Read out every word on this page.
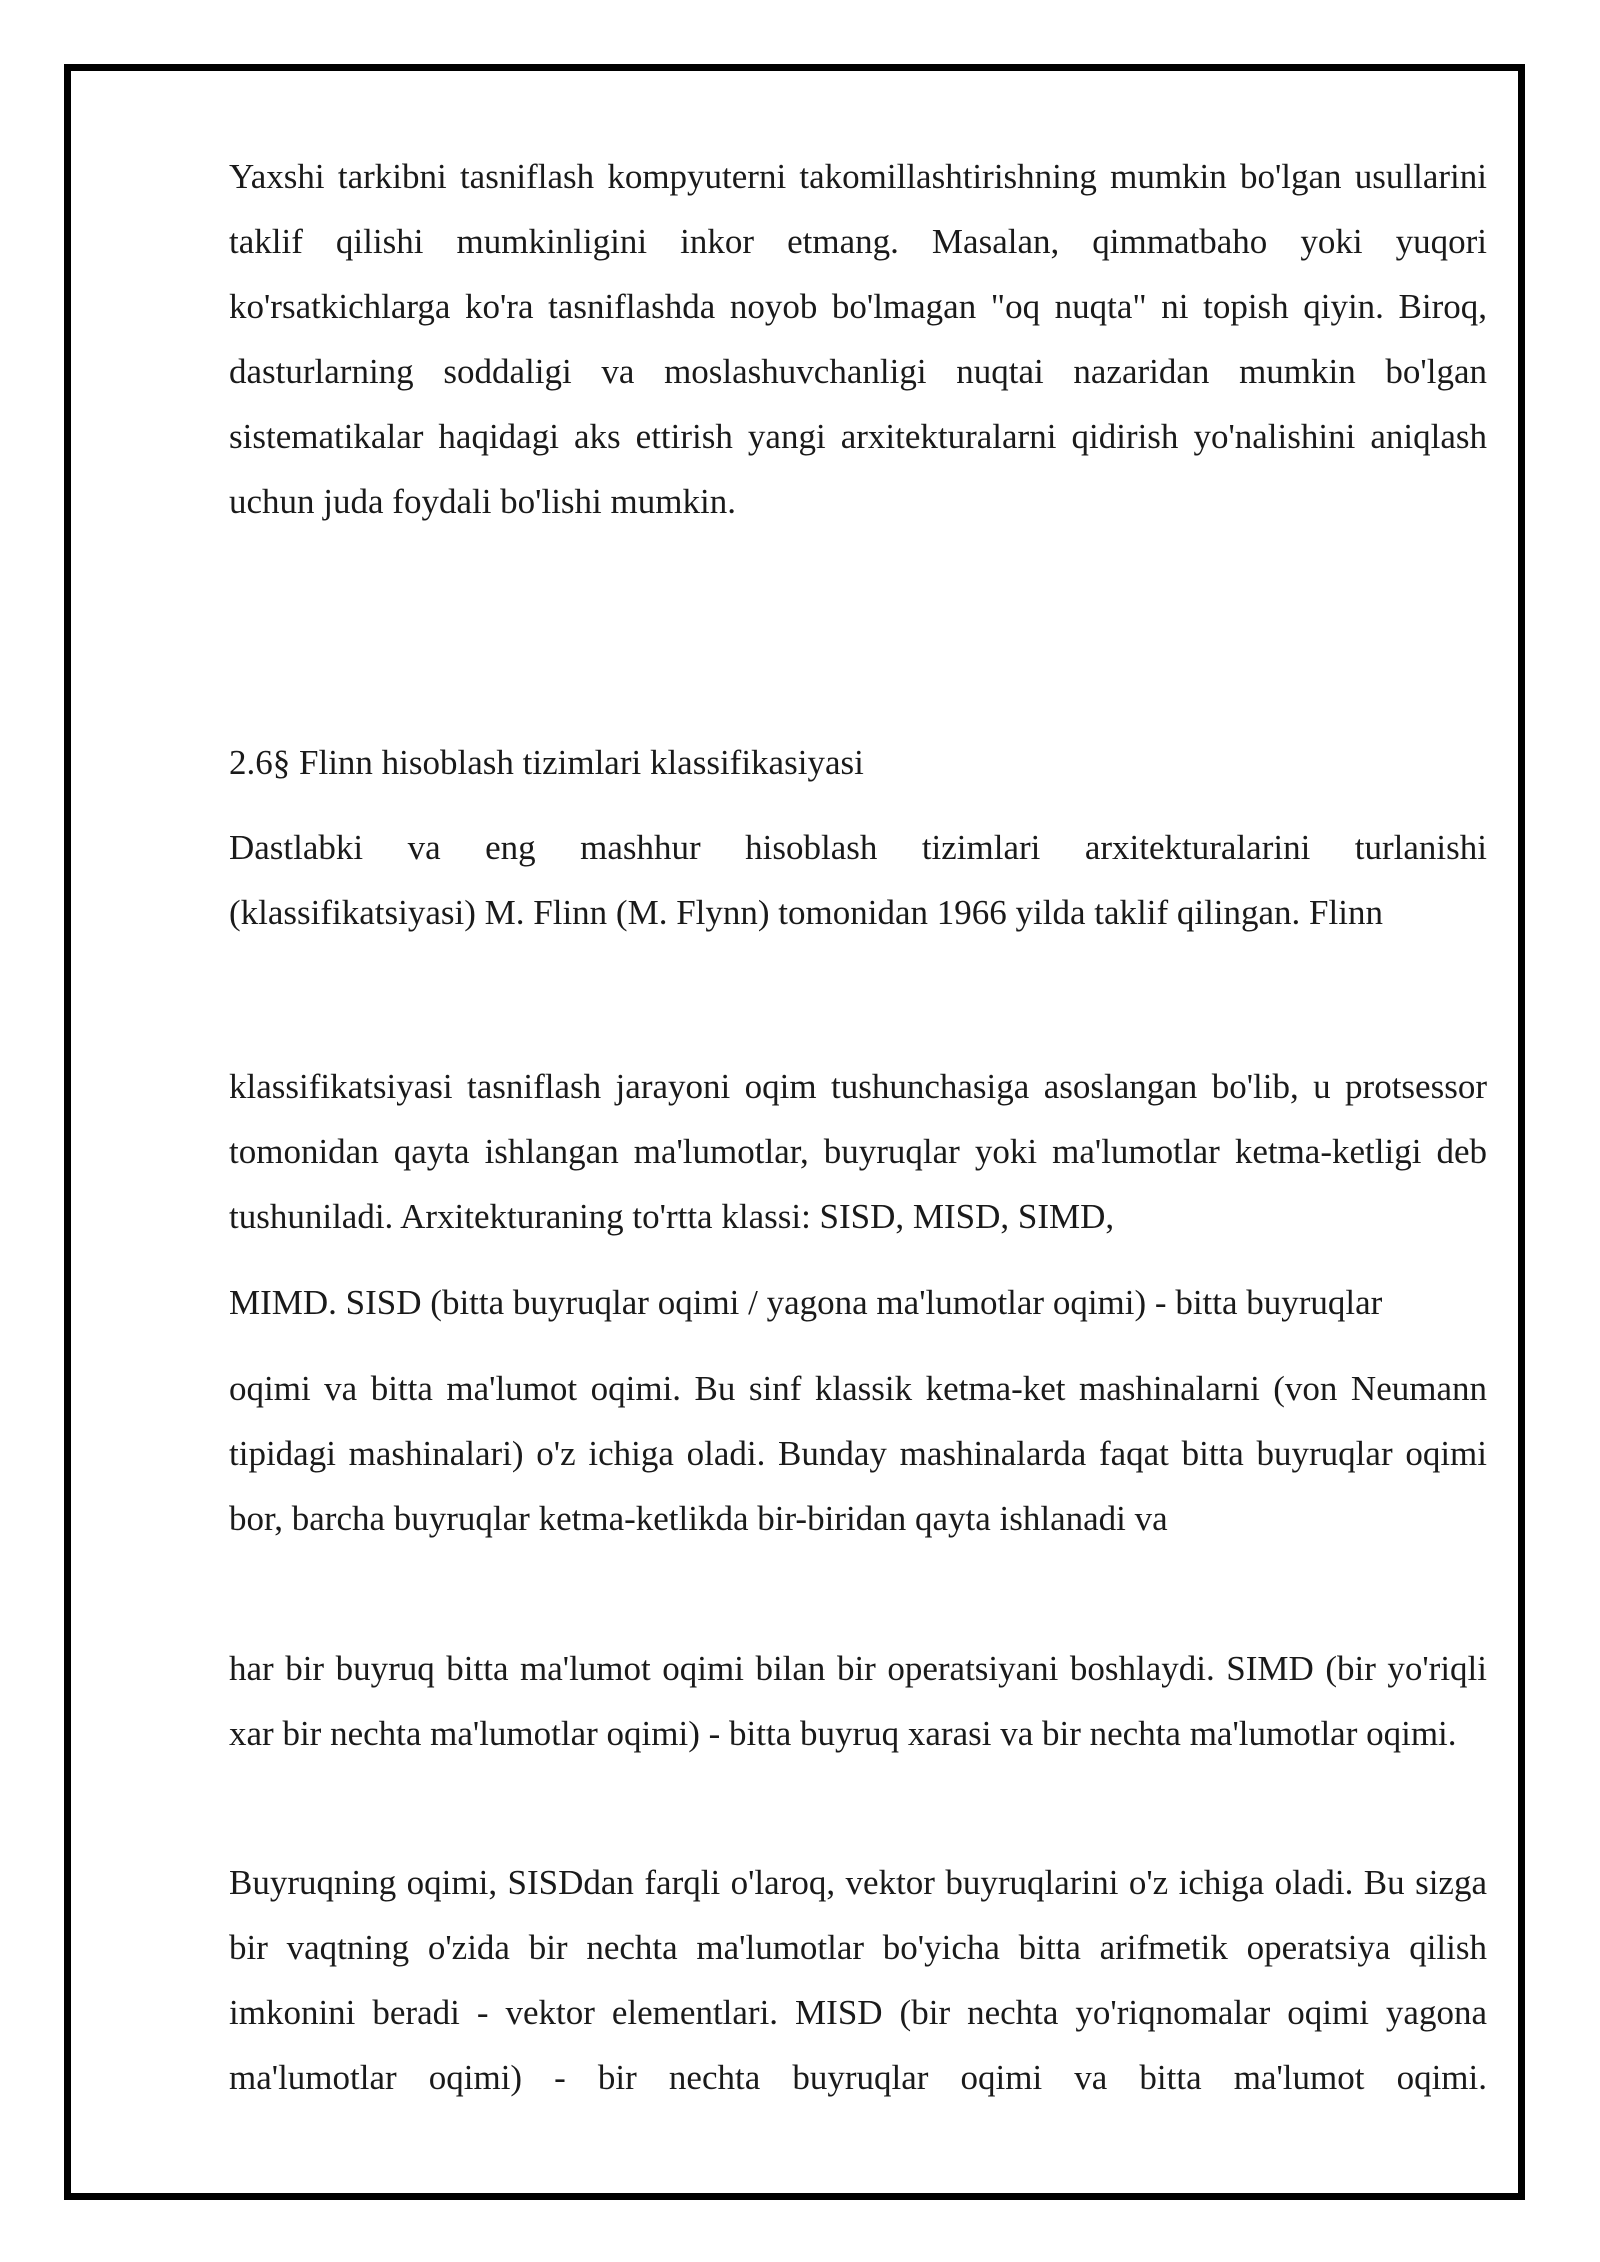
Yaxshi tarkibni tasniflash kompyuterni takomillashtirishning mumkin bo'lgan usullarini taklif qilishi mumkinligini inkor etmang. Masalan, qimmatbaho yoki yuqori ko'rsatkichlarga ko'ra tasniflashda noyob bo'lmagan "oq nuqta" ni topish qiyin. Biroq, dasturlarning soddaligi va moslashuvchanligi nuqtai nazaridan mumkin bo'lgan sistematikalar haqidagi aks ettirish yangi arxitekturalarni qidirish yo'nalishini aniqlash uchun juda foydali bo'lishi mumkin.

2.6§ Flinn hisoblash tizimlari klassifikasiyasi

Dastlabki va eng mashhur hisoblash tizimlari arxitekturalarini turlanishi

(klassifikatsiyasi) M. Flinn (M. Flynn) tomonidan 1966 yilda taklif qilingan. Flinn

klassifikatsiyasi tasniflash jarayoni oqim tushunchasiga asoslangan bo'lib, u protsessor tomonidan qayta ishlangan ma'lumotlar, buyruqlar yoki ma'lumotlar ketma-ketligi deb tushuniladi. Arxitekturaning to'rtta klassi: SISD, MISD, SIMD,

MIMD. SISD (bitta buyruqlar oqimi / yagona ma'lumotlar oqimi) - bitta buyruqlar

oqimi va bitta ma'lumot oqimi. Bu sinf klassik ketma-ket mashinalarni (von Neumann tipidagi mashinalari) o'z ichiga oladi. Bunday mashinalarda faqat bitta buyruqlar oqimi bor, barcha buyruqlar ketma-ketlikda bir-biridan qayta ishlanadi va

har bir buyruq bitta ma'lumot oqimi bilan bir operatsiyani boshlaydi. SIMD (bir yo'riqli xar bir nechta ma'lumotlar oqimi) - bitta buyruq xarasi va bir nechta ma'lumotlar oqimi.

Buyruqning oqimi, SISDdan farqli o'laroq, vektor buyruqlarini o'z ichiga oladi. Bu sizga bir vaqtning o'zida bir nechta ma'lumotlar bo'yicha bitta arifmetik operatsiya qilish imkonini beradi - vektor elementlari. MISD (bir nechta yo'riqnomalar oqimi yagona ma'lumotlar oqimi) - bir nechta buyruqlar oqimi va bitta ma'lumot oqimi.
